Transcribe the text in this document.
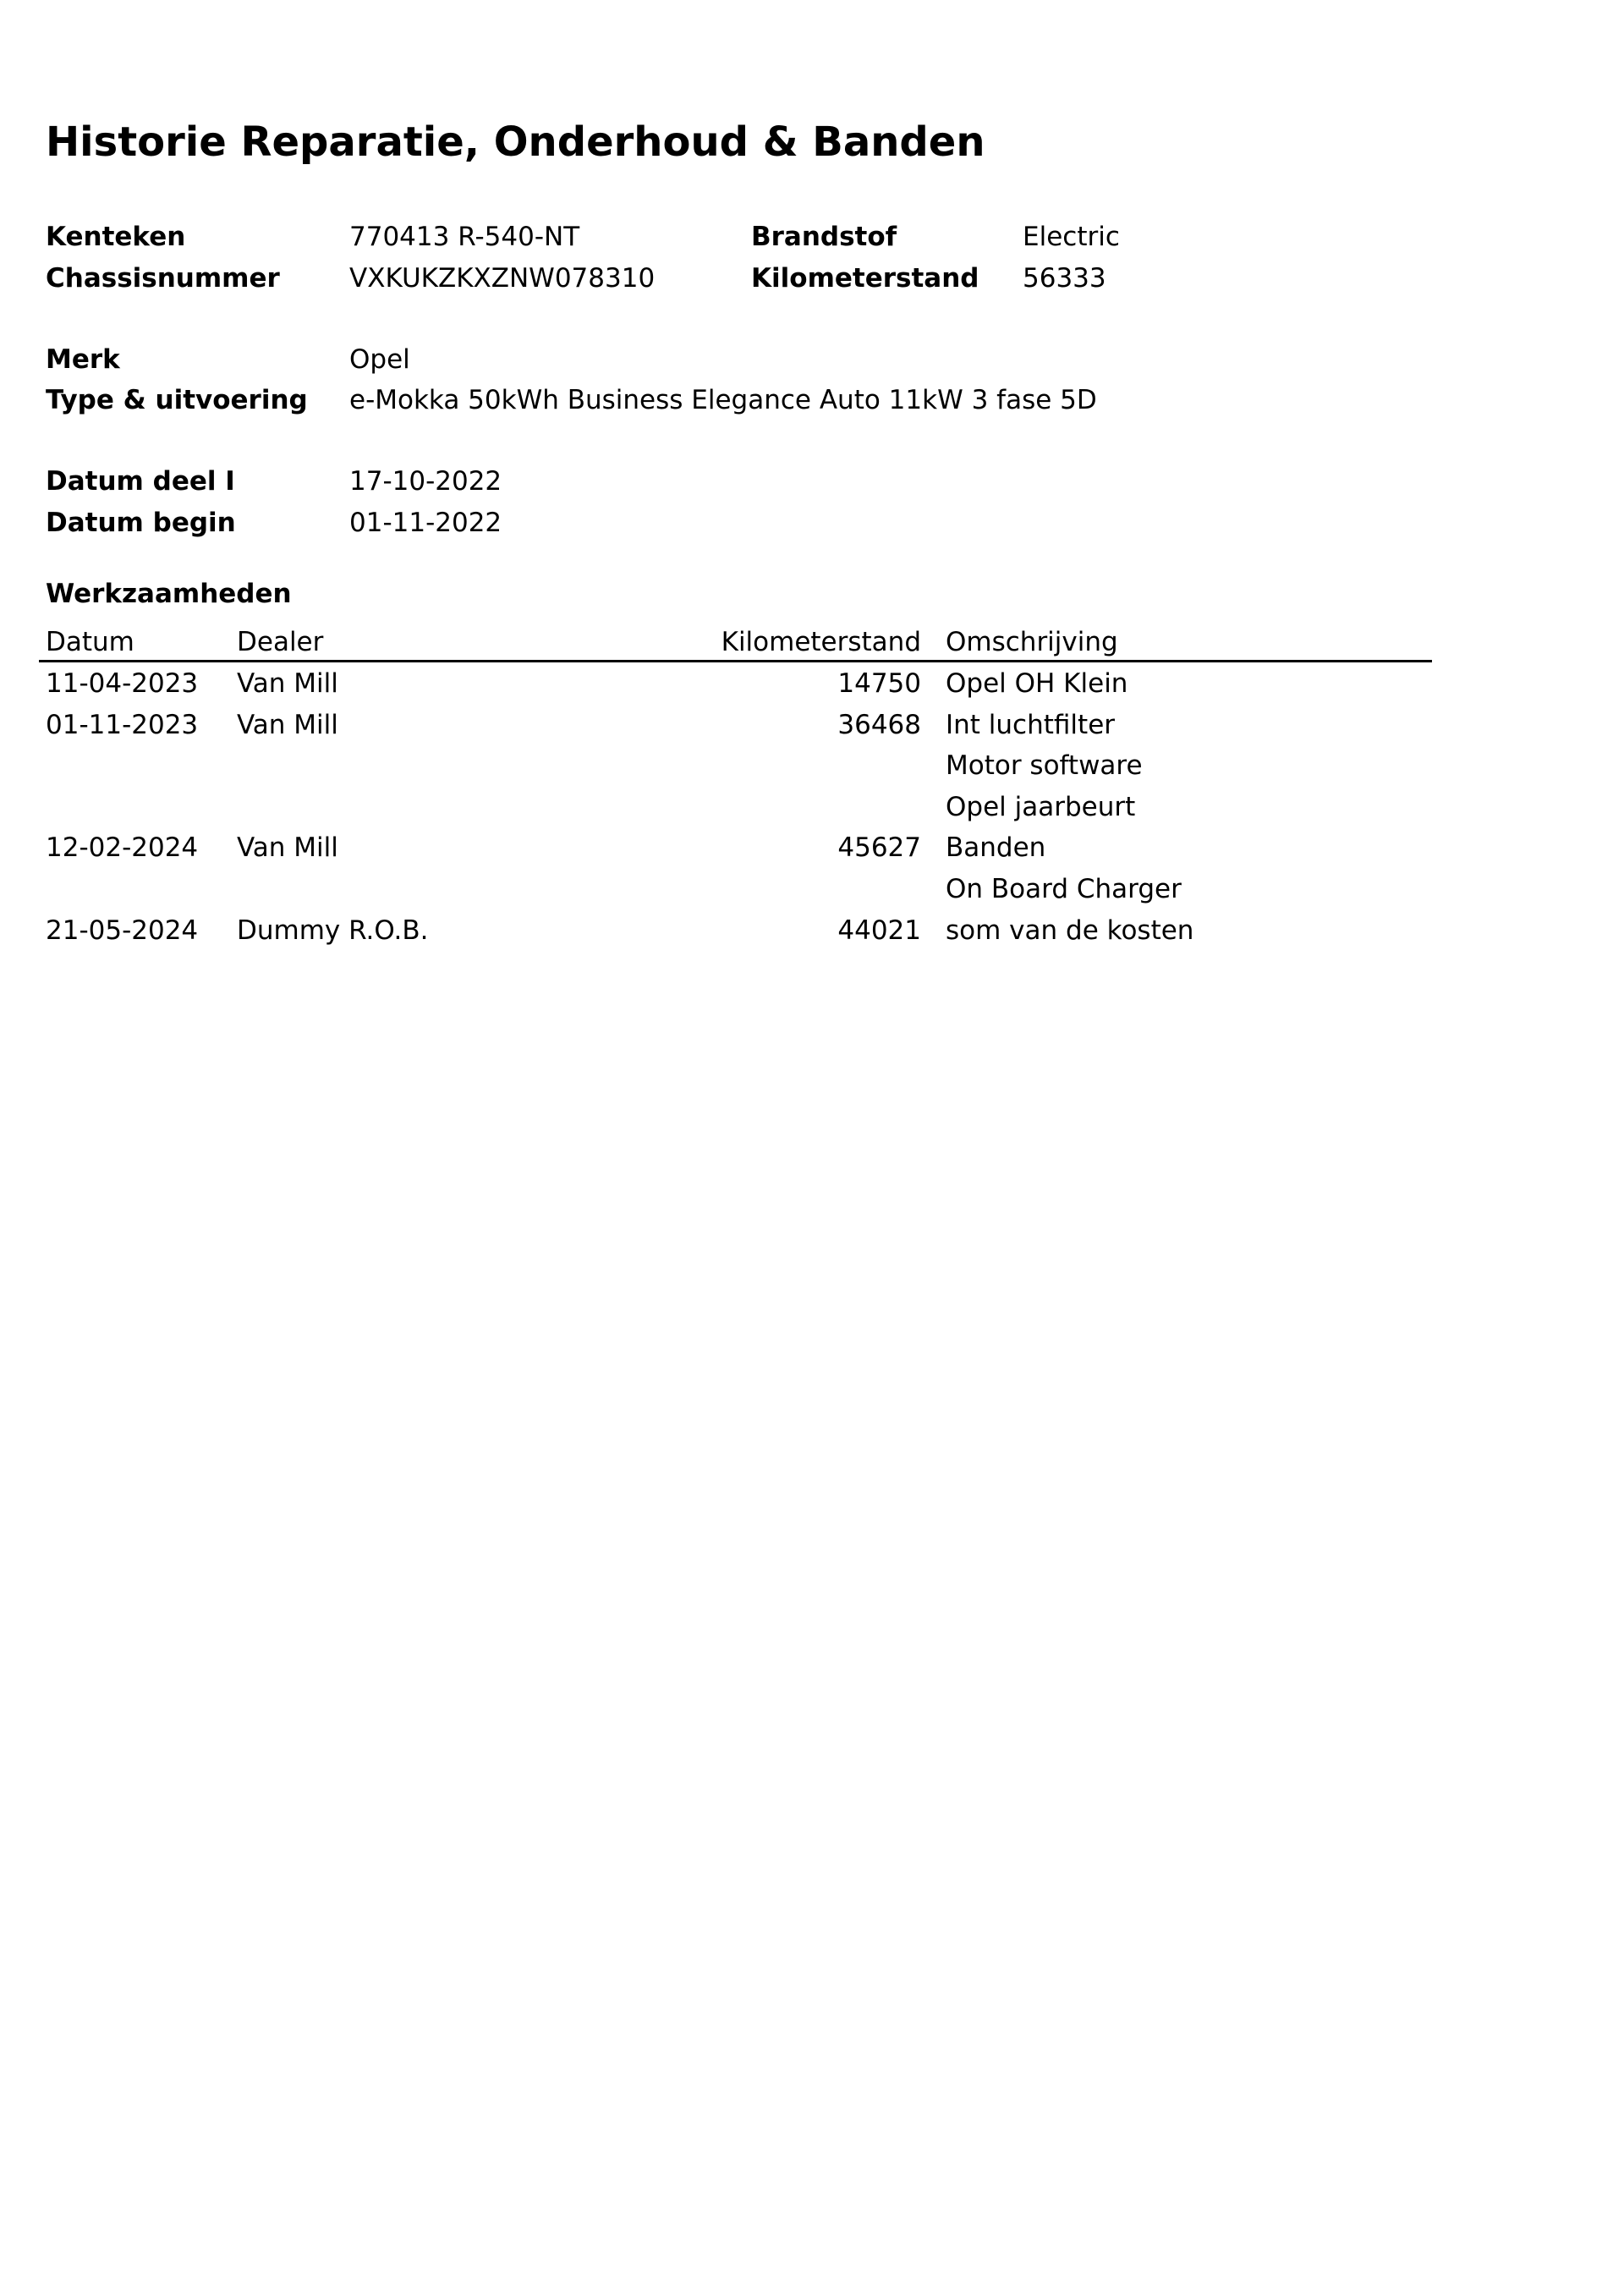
Historie Reparatie, Onderhoud & Banden
Kenteken	770413 R-540-NT	Brandstof	Electric
Chassisnummer	VXKUKZKXZNW078310	Kilometerstand 56333
Merk	Opel
Type & uitvoering e-Mokka 50kWh Business Elegance Auto 11kW 3 fase 5D
Datum deel I	17-10-2022
Datum begin	01-11-2022
Werkzaamheden
Datum	Dealer	Kilometerstand Omschrijving
11-04-2023 Van Mill	14750 Opel OH Klein
01-11-2023 Van Mill	36468 Int luchtfilter
Motor software
Opel jaarbeurt
12-02-2024 Van Mill	45627 Banden
On Board Charger
21-05-2024 Dummy R.O.B.	44021 som van de kosten
